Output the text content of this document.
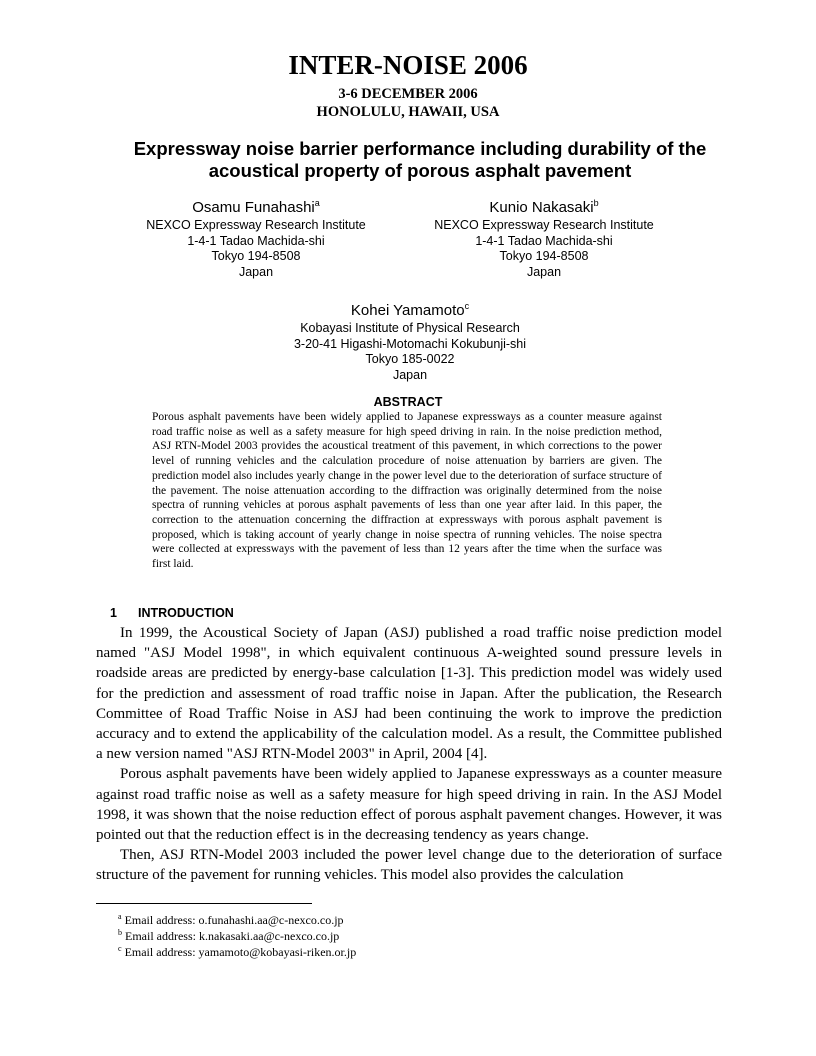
INTER-NOISE 2006
3-6 DECEMBER 2006
HONOLULU, HAWAII, USA
Expressway noise barrier performance including durability of the
acoustical property of porous asphalt pavement
Osamu Funahashi$^a$
NEXCO Expressway Research Institute
1-4-1 Tadao Machida-shi
Tokyo 194-8508
Japan
Kunio Nakasaki$^b$
NEXCO Expressway Research Institute
1-4-1 Tadao Machida-shi
Tokyo 194-8508
Japan
Kohei Yamamoto$^c$
Kobayasi Institute of Physical Research
3-20-41 Higashi-Motomachi Kokubunji-shi
Tokyo 185-0022
Japan
ABSTRACT
Porous asphalt pavements have been widely applied to Japanese expressways as a counter measure against road traffic noise as well as a safety measure for high speed driving in rain. In the noise prediction method, ASJ RTN-Model 2003 provides the acoustical treatment of this pavement, in which corrections to the power level of running vehicles and the calculation procedure of noise attenuation by barriers are given. The prediction model also includes yearly change in the power level due to the deterioration of surface structure of the pavement. The noise attenuation according to the diffraction was originally determined from the noise spectra of running vehicles at porous asphalt pavements of less than one year after laid. In this paper, the correction to the attenuation concerning the diffraction at expressways with porous asphalt pavement is proposed, which is taking account of yearly change in noise spectra of running vehicles. The noise spectra were collected at expressways with the pavement of less than 12 years after the time when the surface was first laid.
1 INTRODUCTION

In 1999, the Acoustical Society of Japan (ASJ) published a road traffic noise prediction model named "ASJ Model 1998", in which equivalent continuous A-weighted sound pressure levels in roadside areas are predicted by energy-base calculation [1-3]. This prediction model was widely used for the prediction and assessment of road traffic noise in Japan. After the publication, the Research Committee of Road Traffic Noise in ASJ had been continuing the work to improve the prediction accuracy and to extend the applicability of the calculation model. As a result, the Committee published a new version named "ASJ RTN-Model 2003" in April, 2004 [4].

Porous asphalt pavements have been widely applied to Japanese expressways as a counter measure against road traffic noise as well as a safety measure for high speed driving in rain. In the ASJ Model 1998, it was shown that the noise reduction effect of porous asphalt pavement changes. However, it was pointed out that the reduction effect is in the decreasing tendency as years change.

Then, ASJ RTN-Model 2003 included the power level change due to the deterioration of surface structure of the pavement for running vehicles. This model also provides the calculation

$^a$ Email address: o.funahashi.aa@c-nexco.co.jp
$^b$ Email address: k.nakasaki.aa@c-nexco.co.jp
$^c$ Email address: yamamoto@kobayasi-riken.or.jp
